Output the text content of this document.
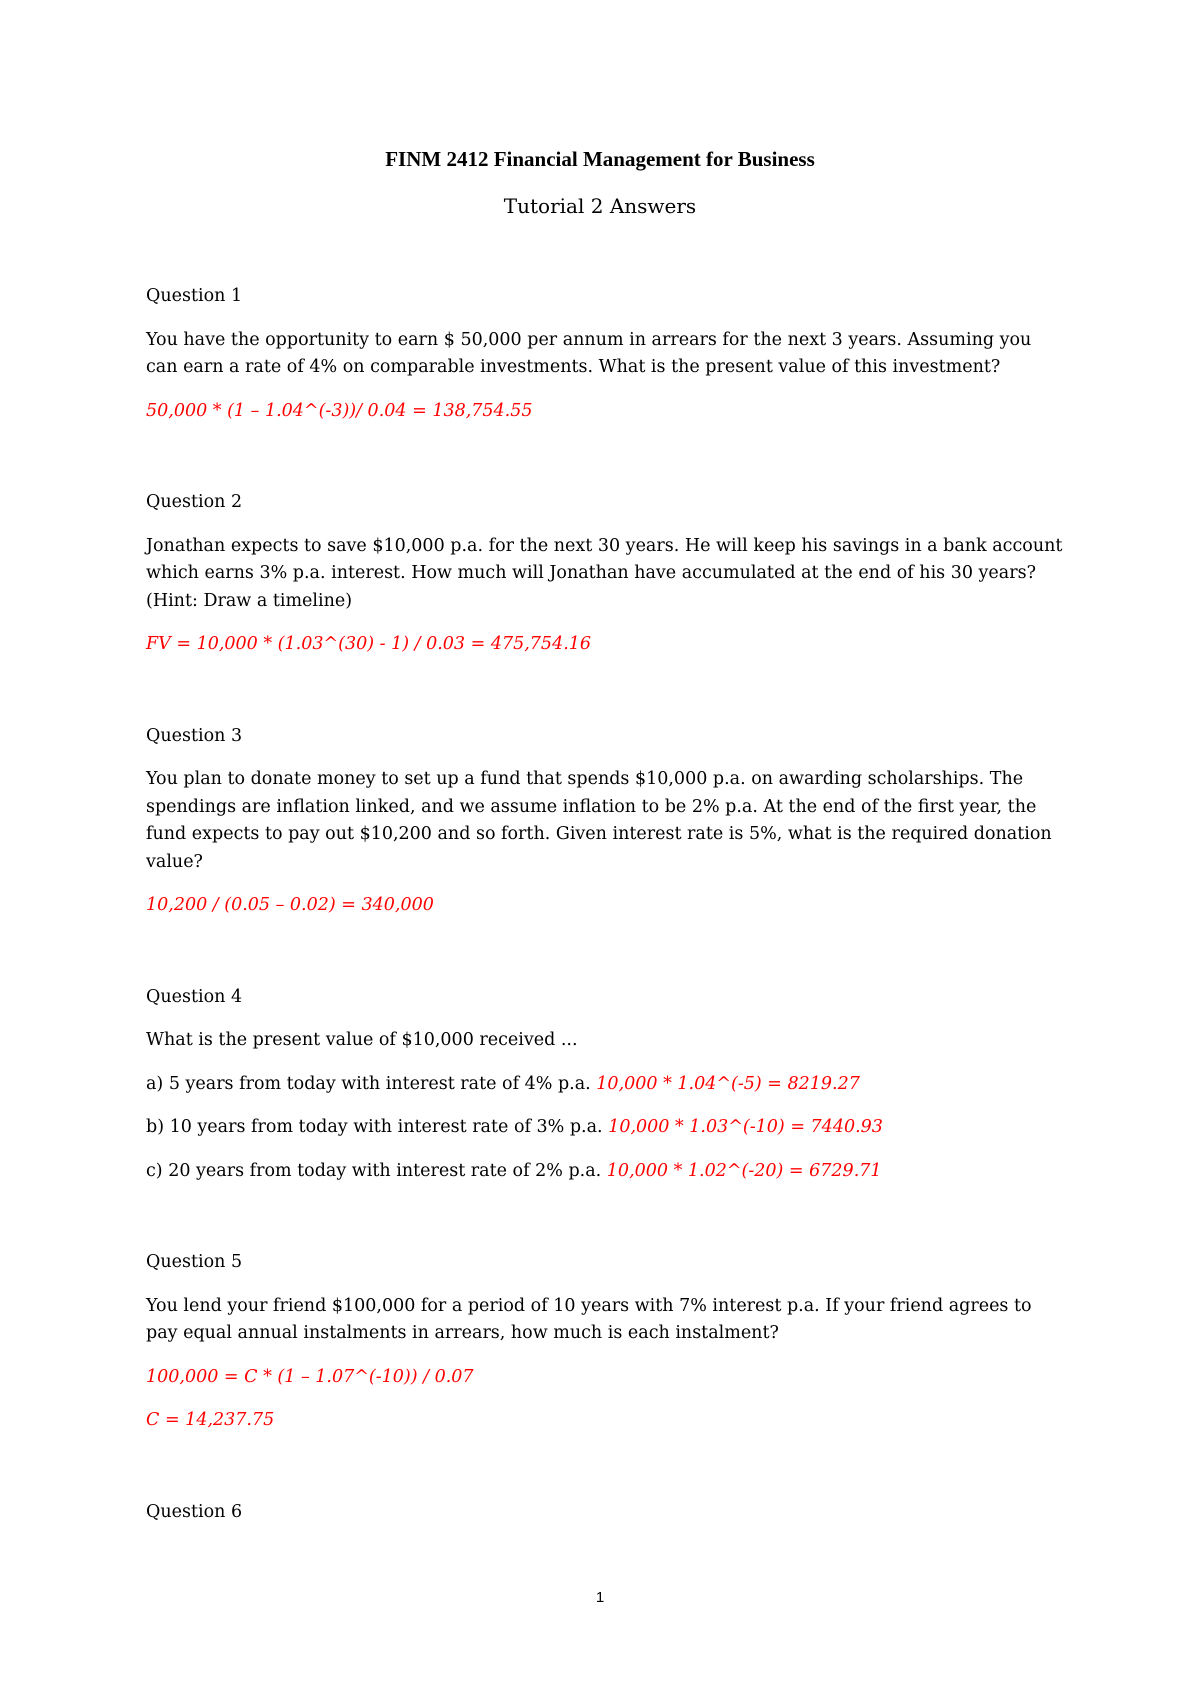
FINM 2412 Financial Management for Business
Tutorial 2 Answers

Question 1

You have the opportunity to earn $ 50,000 per annum in arrears for the next 3 years. Assuming you can earn a rate of 4% on comparable investments. What is the present value of this investment?

50,000 * (1 – 1.04^(-3))/ 0.04 = 138,754.55

Question 2

Jonathan expects to save $10,000 p.a. for the next 30 years. He will keep his savings in a bank account which earns 3% p.a. interest. How much will Jonathan have accumulated at the end of his 30 years? (Hint: Draw a timeline)

FV = 10,000 * (1.03^(30) - 1) / 0.03 = 475,754.16

Question 3

You plan to donate money to set up a fund that spends $10,000 p.a. on awarding scholarships. The spendings are inflation linked, and we assume inflation to be 2% p.a. At the end of the first year, the fund expects to pay out $10,200 and so forth. Given interest rate is 5%, what is the required donation value?

10,200 / (0.05 – 0.02) = 340,000

Question 4

What is the present value of $10,000 received ...

a) 5 years from today with interest rate of 4% p.a. 10,000 * 1.04^(-5) = 8219.27

b) 10 years from today with interest rate of 3% p.a. 10,000 * 1.03^(-10) = 7440.93

c) 20 years from today with interest rate of 2% p.a. 10,000 * 1.02^(-20) = 6729.71

Question 5

You lend your friend $100,000 for a period of 10 years with 7% interest p.a. If your friend agrees to pay equal annual instalments in arrears, how much is each instalment?

100,000 = C * (1 – 1.07^(-10)) / 0.07

C = 14,237.75

Question 6

1
